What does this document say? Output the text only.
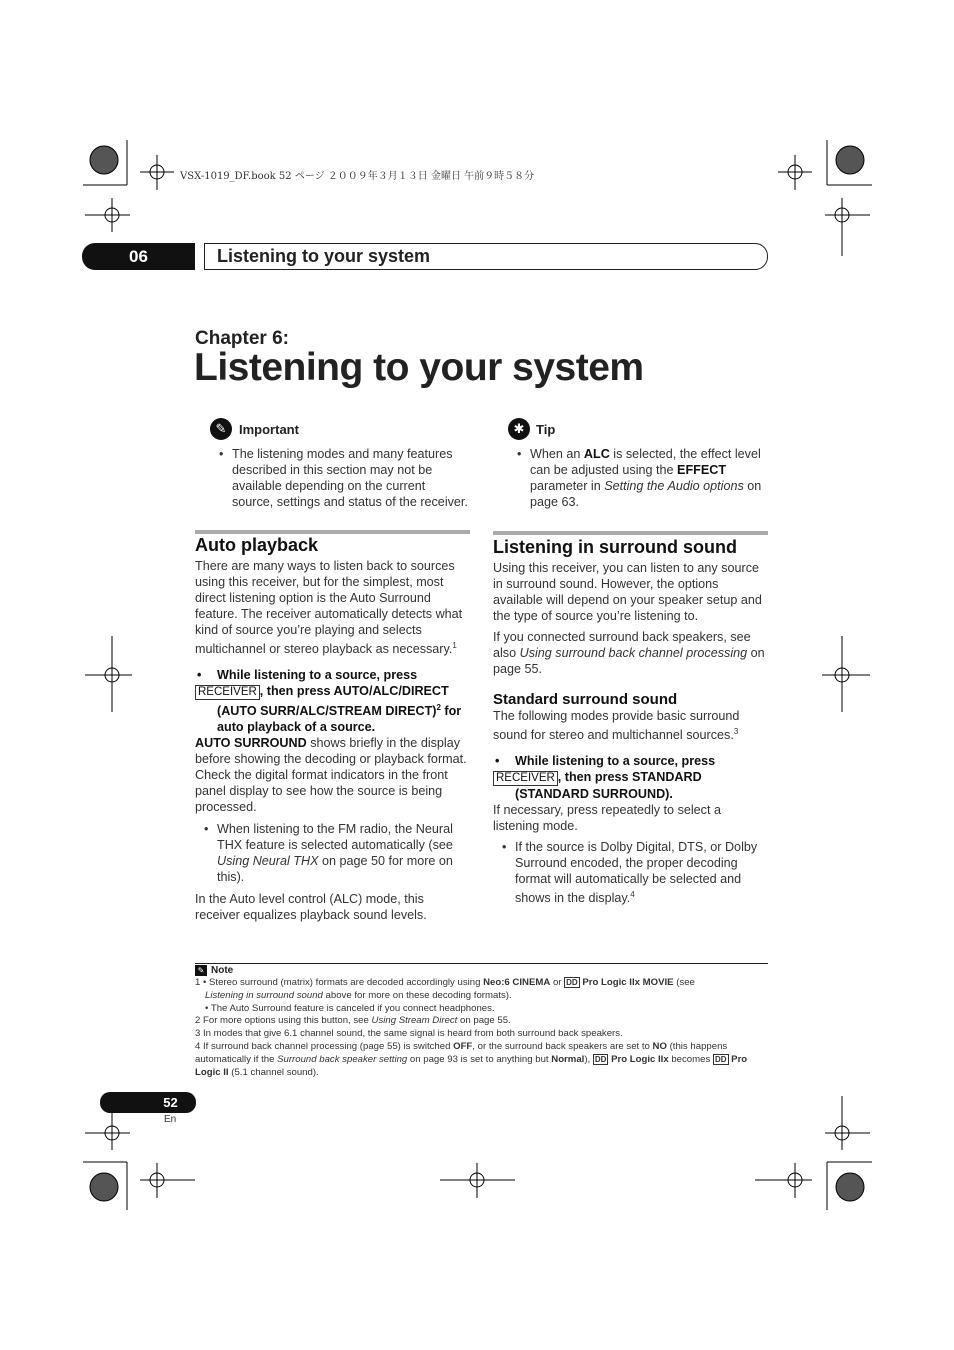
VSX-1019_DF.book 52 ページ ２００９年３月１３日 金曜日 午前９時５８分
06	Listening to your system
Chapter 6:
Listening to your system
✎ Important
• The listening modes and many features described in this section may not be available depending on the current source, settings and status of the receiver.
✱ Tip
• When an ALC is selected, the effect level can be adjusted using the EFFECT parameter in Setting the Audio options on page 63.
Auto playback

There are many ways to listen back to sources using this receiver, but for the simplest, most direct listening option is the Auto Surround feature. The receiver automatically detects what kind of source you’re playing and selects multichannel or stereo playback as necessary.$^1$

• While listening to a source, press
RECEIVER , then press AUTO/ALC/DIRECT (AUTO SURR/ALC/STREAM DIRECT)$^2$ for auto playback of a source.

AUTO SURROUND shows briefly in the display before showing the decoding or playback format. Check the digital format indicators in the front panel display to see how the source is being processed.

• When listening to the FM radio, the Neural THX feature is selected automatically (see Using Neural THX on page 50 for more on this).

In the Auto level control (ALC) mode, this receiver equalizes playback sound levels.

Listening in surround sound

Using this receiver, you can listen to any source in surround sound. However, the options available will depend on your speaker setup and the type of source you’re listening to.

If you connected surround back speakers, see also Using surround back channel processing on page 55.

Standard surround sound

The following modes provide basic surround sound for stereo and multichannel sources.$^3$

• While listening to a source, press
RECEIVER , then press STANDARD (STANDARD SURROUND).

If necessary, press repeatedly to select a listening mode.

• If the source is Dolby Digital, DTS, or Dolby Surround encoded, the proper decoding format will automatically be selected and shows in the display.$^4$

✎ Note

1 • Stereo surround (matrix) formats are decoded accordingly using Neo:6 CINEMA or DD Pro Logic IIx MOVIE (see
Listening in surround sound above for more on these decoding formats).

• The Auto Surround feature is canceled if you connect headphones.

2 For more options using this button, see Using Stream Direct on page 55.

3 In modes that give 6.1 channel sound, the same signal is heard from both surround back speakers.

4 If surround back channel processing (page 55) is switched OFF, or the surround back speakers are set to NO (this happens automatically if the Surround back speaker setting on page 93 is set to anything but Normal), DD Pro Logic IIx becomes DD Pro Logic II (5.1 channel sound).

52
En
